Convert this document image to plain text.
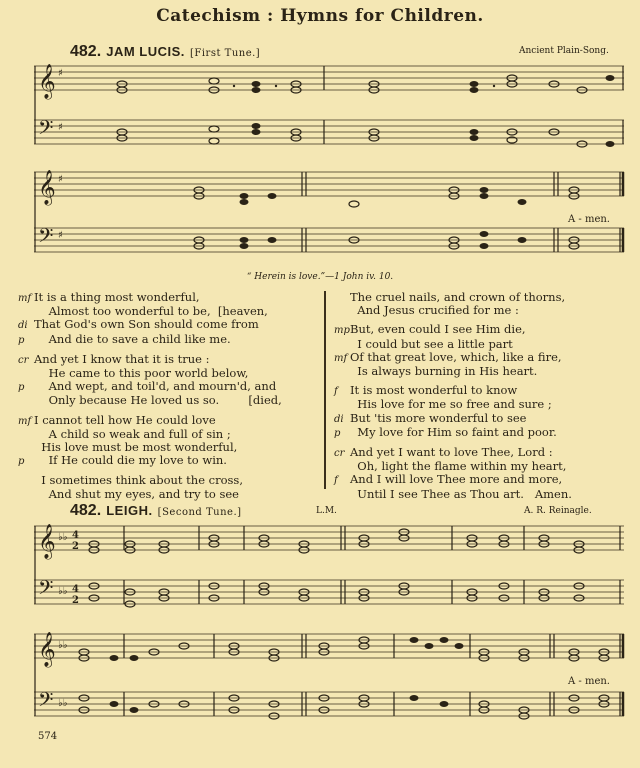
Catechism : Hymns for Children.
482. JAM LUCIS. [First Tune.]	Ancient Plain-Song.
𝄞
𝄢
♯
♯
𝄞
𝄢
♯
♯
A - men.
“ Herein is love.”—1 John iv. 10.
mf It is a thing most wonderful,
Almost too wonderful to be,  [heaven,
di That God's own Son should come from
p    And die to save a child like me.
cr And yet I know that it is true :
He came to this poor world below,
p    And wept, and toil'd, and mourn'd, and
Only because He loved us so.        [died,
mf I cannot tell how He could love
A child so weak and full of sin ;
His love must be most wonderful,
p    If He could die my love to win.
I sometimes think about the cross,
And shut my eyes, and try to see
The cruel nails, and crown of thorns,
And Jesus crucified for me :
mpBut, even could I see Him die,
I could but see a little part
mf Of that great love, which, like a fire,
Is always burning in His heart.
f It is most wonderful to know
His love for me so free and sure ;
di But 'tis more wonderful to see
p  My love for Him so faint and poor.
cr And yet I want to love Thee, Lord :
Oh, light the flame within my heart,
f And I will love Thee more and more,
Until I see Thee as Thou art.   Amen.
482. LEIGH. [Second Tune.]	L.M.	A. R. Reinagle.
𝄞
𝄢
♭♭
♭♭
4
2
4
2
𝄞
𝄢
♭♭
♭♭
A - men.
574
